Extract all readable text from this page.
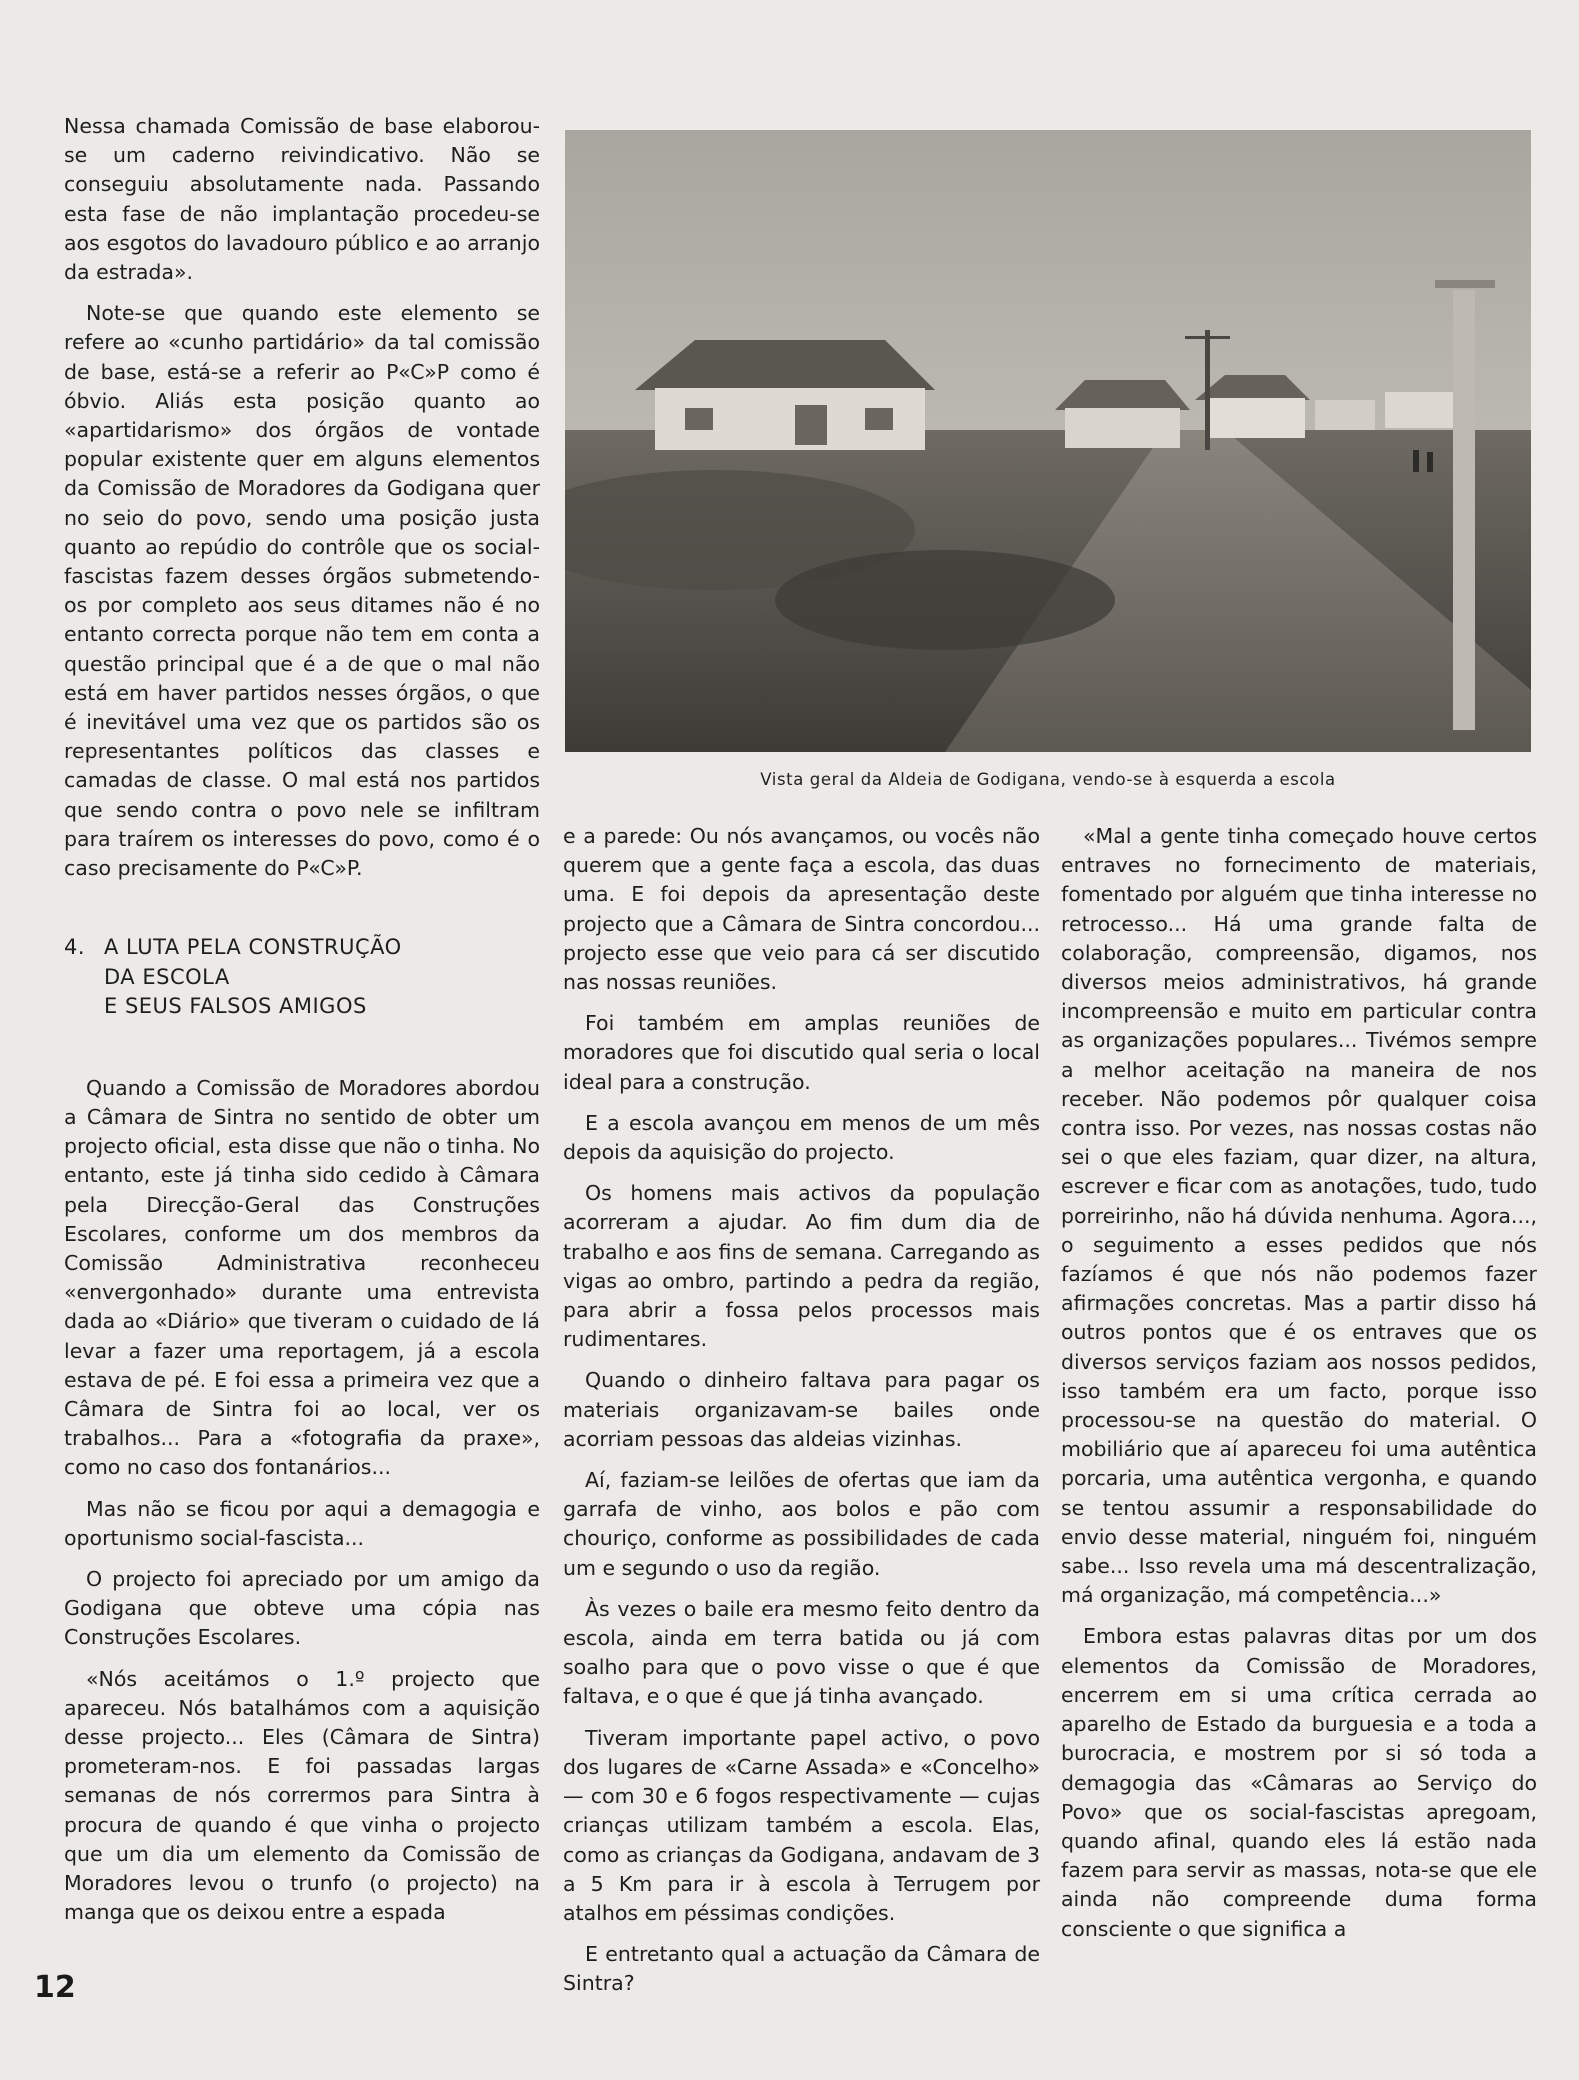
Nessa chamada Comissão de base elaborou-se um caderno reivindicativo. Não se conseguiu absolutamente nada. Passando esta fase de não implantação procedeu-se aos esgotos do lavadouro público e ao arranjo da estrada».

Note-se que quando este elemento se refere ao «cunho partidário» da tal comissão de base, está-se a referir ao P«C»P como é óbvio. Aliás esta posição quanto ao «apartidarismo» dos órgãos de vontade popular existente quer em alguns elementos da Comissão de Moradores da Godigana quer no seio do povo, sendo uma posição justa quanto ao repúdio do contrôle que os social-fascistas fazem desses órgãos submetendo-os por completo aos seus ditames não é no entanto correcta porque não tem em conta a questão principal que é a de que o mal não está em haver partidos nesses órgãos, o que é inevitável uma vez que os partidos são os representantes políticos das classes e camadas de classe. O mal está nos partidos que sendo contra o povo nele se infiltram para traírem os interesses do povo, como é o caso precisamente do P«C»P.

4. A LUTA PELA CONSTRUÇÃO
DA ESCOLA
E SEUS FALSOS AMIGOS

Quando a Comissão de Moradores abordou a Câmara de Sintra no sentido de obter um projecto oficial, esta disse que não o tinha. No entanto, este já tinha sido cedido à Câmara pela Direcção-Geral das Construções Escolares, conforme um dos membros da Comissão Administrativa reconheceu «envergonhado» durante uma entrevista dada ao «Diário» que tiveram o cuidado de lá levar a fazer uma reportagem, já a escola estava de pé. E foi essa a primeira vez que a Câmara de Sintra foi ao local, ver os trabalhos... Para a «fotografia da praxe», como no caso dos fontanários...

Mas não se ficou por aqui a demagogia e oportunismo social-fascista...

O projecto foi apreciado por um amigo da Godigana que obteve uma cópia nas Construções Escolares.

«Nós aceitámos o 1.º projecto que apareceu. Nós batalhámos com a aquisição desse projecto... Eles (Câmara de Sintra) prometeram-nos. E foi passadas largas semanas de nós corrermos para Sintra à procura de quando é que vinha o projecto que um dia um elemento da Comissão de Moradores levou o trunfo (o projecto) na manga que os deixou entre a espada

Vista geral da Aldeia de Godigana, vendo-se à esquerda a escola

e a parede: Ou nós avançamos, ou vocês não querem que a gente faça a escola, das duas uma. E foi depois da apresentação deste projecto que a Câmara de Sintra concordou... projecto esse que veio para cá ser discutido nas nossas reuniões.

Foi também em amplas reuniões de moradores que foi discutido qual seria o local ideal para a construção.

E a escola avançou em menos de um mês depois da aquisição do projecto.

Os homens mais activos da população acorreram a ajudar. Ao fim dum dia de trabalho e aos fins de semana. Carregando as vigas ao ombro, partindo a pedra da região, para abrir a fossa pelos processos mais rudimentares.

Quando o dinheiro faltava para pagar os materiais organizavam-se bailes onde acorriam pessoas das aldeias vizinhas.

Aí, faziam-se leilões de ofertas que iam da garrafa de vinho, aos bolos e pão com chouriço, conforme as possibilidades de cada um e segundo o uso da região.

Às vezes o baile era mesmo feito dentro da escola, ainda em terra batida ou já com soalho para que o povo visse o que é que faltava, e o que é que já tinha avançado.

Tiveram importante papel activo, o povo dos lugares de «Carne Assada» e «Concelho» — com 30 e 6 fogos respectivamente — cujas crianças utilizam também a escola. Elas, como as crianças da Godigana, andavam de 3 a 5 Km para ir à escola à Terrugem por atalhos em péssimas condições.

E entretanto qual a actuação da Câmara de Sintra?

«Mal a gente tinha começado houve certos entraves no fornecimento de materiais, fomentado por alguém que tinha interesse no retrocesso... Há uma grande falta de colaboração, compreensão, digamos, nos diversos meios administrativos, há grande incompreensão e muito em particular contra as organizações populares... Tivémos sempre a melhor aceitação na maneira de nos receber. Não podemos pôr qualquer coisa contra isso. Por vezes, nas nossas costas não sei o que eles faziam, quar dizer, na altura, escrever e ficar com as anotações, tudo, tudo porreirinho, não há dúvida nenhuma. Agora..., o seguimento a esses pedidos que nós fazíamos é que nós não podemos fazer afirmações concretas. Mas a partir disso há outros pontos que é os entraves que os diversos serviços faziam aos nossos pedidos, isso também era um facto, porque isso processou-se na questão do material. O mobiliário que aí apareceu foi uma autêntica porcaria, uma autêntica vergonha, e quando se tentou assumir a responsabilidade do envio desse material, ninguém foi, ninguém sabe... Isso revela uma má descentralização, má organização, má competência...»

Embora estas palavras ditas por um dos elementos da Comissão de Moradores, encerrem em si uma crítica cerrada ao aparelho de Estado da burguesia e a toda a burocracia, e mostrem por si só toda a demagogia das «Câmaras ao Serviço do Povo» que os social-fascistas apregoam, quando afinal, quando eles lá estão nada fazem para servir as massas, nota-se que ele ainda não compreende duma forma consciente o que significa a

12
